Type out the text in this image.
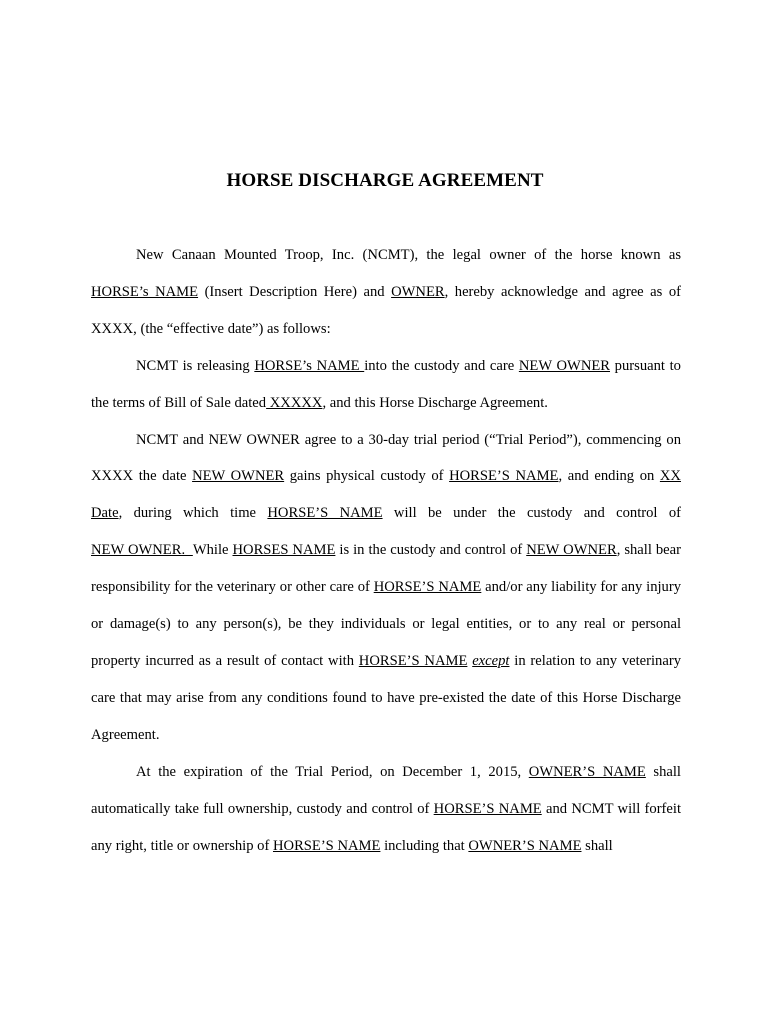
HORSE DISCHARGE AGREEMENT

New Canaan Mounted Troop, Inc. (NCMT), the legal owner of the horse known as HORSE’s NAME (Insert Description Here) and OWNER, hereby acknowledge and agree as of XXXX, (the “effective date”) as follows:

NCMT is releasing HORSE’s NAME into the custody and care NEW OWNER pursuant to the terms of Bill of Sale dated XXXXX, and this Horse Discharge Agreement.

NCMT and NEW OWNER agree to a 30-day trial period (“Trial Period”), commencing on XXXX the date NEW OWNER gains physical custody of HORSE’S NAME, and ending on XX Date, during which time HORSE’S NAME will be under the custody and control of NEW OWNER.  While HORSES NAME is in the custody and control of NEW OWNER, shall bear responsibility for the veterinary or other care of HORSE’S NAME and/or any liability for any injury or damage(s) to any person(s), be they individuals or legal entities, or to any real or personal property incurred as a result of contact with HORSE’S NAME except in relation to any veterinary care that may arise from any conditions found to have pre-existed the date of this Horse Discharge Agreement.

At the expiration of the Trial Period, on December 1, 2015, OWNER’S NAME shall automatically take full ownership, custody and control of HORSE’S NAME and NCMT will forfeit any right, title or ownership of HORSE’S NAME including that OWNER’S NAME shall
